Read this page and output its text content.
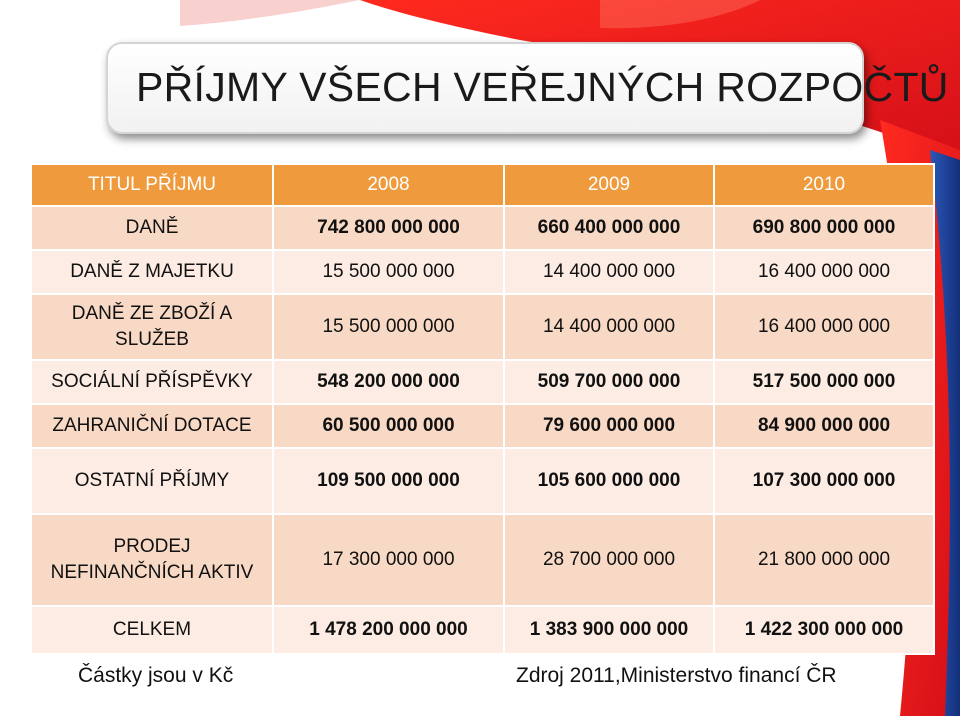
PŘÍJMY VŠECH VEŘEJNÝCH ROZPOČTŮ
TITUL PŘÍJMU	2008	2009	2010
DANĚ	742 800 000 000	660 400 000 000	690 800 000 000
DANĚ Z MAJETKU	15 500 000 000	14 400 000 000	16 400 000 000
DANĚ ZE ZBOŽÍ A SLUŽEB	15 500 000 000	14 400 000 000	16 400 000 000
SOCIÁLNÍ PŘÍSPĚVKY	548 200 000 000	509 700 000 000	517 500 000 000
ZAHRANIČNÍ DOTACE	60 500 000 000	79 600 000 000	84 900 000 000
OSTATNÍ PŘÍJMY	109 500 000 000	105 600 000 000	107 300 000 000
PRODEJ NEFINANČNÍCH AKTIV	17 300 000 000	28 700 000 000	21 800 000 000
CELKEM	1 478 200 000 000	1 383 900 000 000	1 422 300 000 000
Částky jsou v Kč	Zdroj 2011,Ministerstvo financí ČR
